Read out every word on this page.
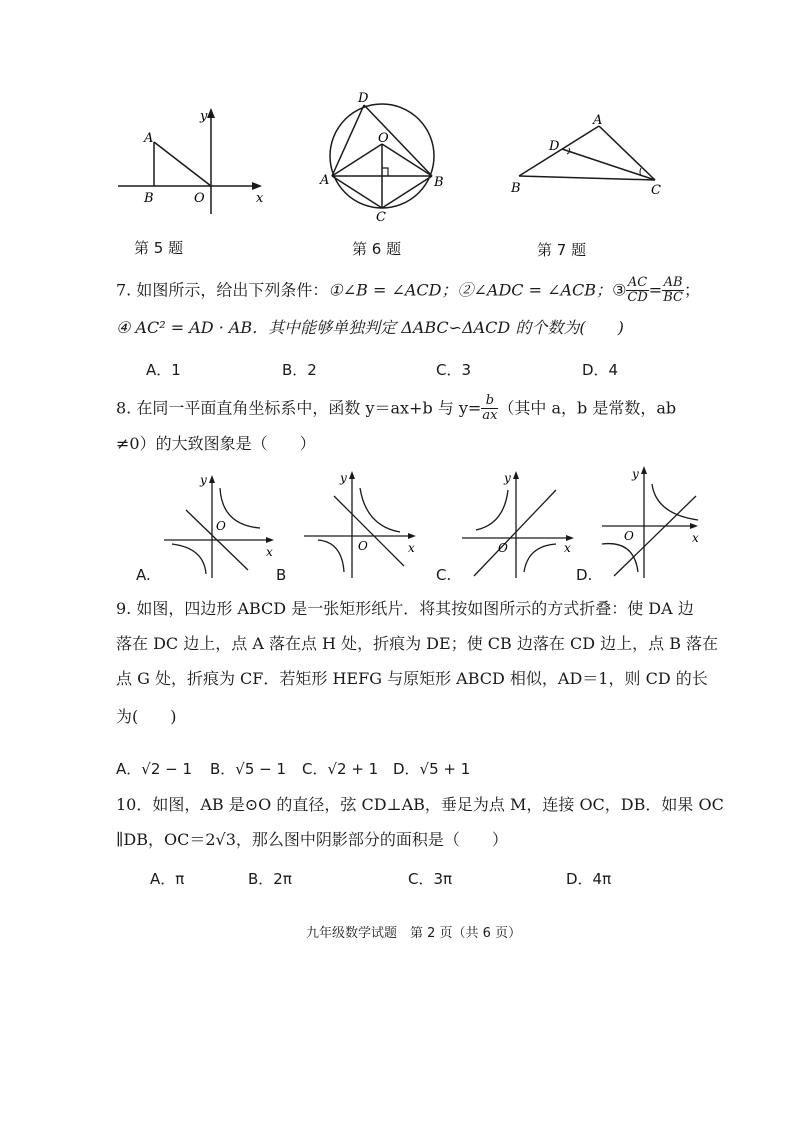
A
B	O	x
y
第 5 题
D
O
A	B
C
第 6 题
A
D
B	C
第 7 题
7. 如图所示，给出下列条件：①∠B = ∠ACD；②∠ADC = ∠ACB；③ $\frac{AC}{CD} = \frac{AB}{BC}$ ；
④ AC² = AD · AB．其中能够单独判定 ΔABC∽ΔACD 的个数为(　　)
A．1	B．2	C．3	D．4
8. 在同一平面直角坐标系中，函数 y＝ax+b 与 $y= \frac{b}{ax}$ （其中 a，b 是常数，ab
≠0）的大致图象是（　　）
y
O
x
A.
y
O	x
B
y
O	x
C.
y
O	x
D.
9. 如图，四边形 ABCD 是一张矩形纸片．将其按如图所示的方式折叠：使 DA 边
落在 DC 边上，点 A 落在点 H 处，折痕为 DE；使 CB 边落在 CD 边上，点 B 落在
点 G 处，折痕为 CF．若矩形 HEFG 与原矩形 ABCD 相似，AD＝1，则 CD 的长
为(　　)
A．√2 − 1 B．√5 − 1 C．√2 + 1 D．√5 + 1
10．如图，AB 是⊙O 的直径，弦 CD⊥AB，垂足为点 M，连接 OC，DB．如果 OC
∥DB，OC＝2√3，那么图中阴影部分的面积是（　　）
A．π	B．2π	C．3π	D．4π
九年级数学试题　第 2 页（共 6 页）
